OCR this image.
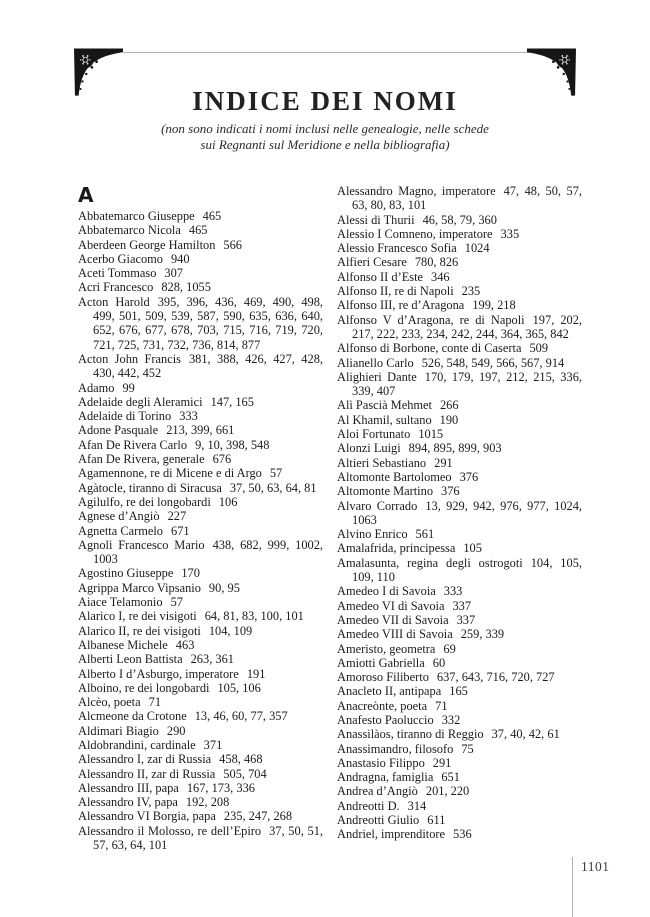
INDICE DEI NOMI
(non sono indicati i nomi inclusi nelle genealogie, nelle schede
sui Regnanti sul Meridione e nella bibliografia)
A
Abbatemarco Giuseppe 465
Abbatemarco Nicola 465
Aberdeen George Hamilton 566
Acerbo Giacomo 940
Aceti Tommaso 307
Acri Francesco 828, 1055
Acton Harold 395, 396, 436, 469, 490, 498, 499, 501, 509, 539, 587, 590, 635, 636, 640, 652, 676, 677, 678, 703, 715, 716, 719, 720, 721, 725, 731, 732, 736, 814, 877
Acton John Francis 381, 388, 426, 427, 428, 430, 442, 452
Adamo 99
Adelaide degli Aleramici 147, 165
Adelaide di Torino 333
Adone Pasquale 213, 399, 661
Afan De Rivera Carlo 9, 10, 398, 548
Afan De Rivera, generale 676
Agamennone, re di Micene e di Argo 57
Agàtocle, tiranno di Siracusa 37, 50, 63, 64, 81
Agilulfo, re dei longobardi 106
Agnese d’Angiò 227
Agnetta Carmelo 671
Agnoli Francesco Mario 438, 682, 999, 1002, 1003
Agostino Giuseppe 170
Agrippa Marco Vipsanio 90, 95
Aiace Telamonio 57
Alarico I, re dei visigoti 64, 81, 83, 100, 101
Alarico II, re dei visigoti 104, 109
Albanese Michele 463
Alberti Leon Battista 263, 361
Alberto I d’Asburgo, imperatore 191
Alboino, re dei longobardi 105, 106
Alcèo, poeta 71
Alcmeone da Crotone 13, 46, 60, 77, 357
Aldimari Biagio 290
Aldobrandini, cardinale 371
Alessandro I, zar di Russia 458, 468
Alessandro II, zar di Russia 505, 704
Alessandro III, papa 167, 173, 336
Alessandro IV, papa 192, 208
Alessandro VI Borgia, papa 235, 247, 268
Alessandro il Molosso, re dell’Epiro 37, 50, 51, 57, 63, 64, 101
Alessandro Magno, imperatore 47, 48, 50, 57, 63, 80, 83, 101
Alessi di Thurii 46, 58, 79, 360
Alessio I Comneno, imperatore 335
Alessio Francesco Sofia 1024
Alfieri Cesare 780, 826
Alfonso II d’Este 346
Alfonso II, re di Napoli 235
Alfonso III, re d’Aragona 199, 218
Alfonso V d’Aragona, re di Napoli 197, 202, 217, 222, 233, 234, 242, 244, 364, 365, 842
Alfonso di Borbone, conte di Caserta 509
Alianello Carlo 526, 548, 549, 566, 567, 914
Alighieri Dante 170, 179, 197, 212, 215, 336, 339, 407
Alì Pascià Mehmet 266
Al Khamil, sultano 190
Aloi Fortunato 1015
Alonzi Luigi 894, 895, 899, 903
Altieri Sebastiano 291
Altomonte Bartolomeo 376
Altomonte Martino 376
Alvaro Corrado 13, 929, 942, 976, 977, 1024, 1063
Alvino Enrico 561
Amalafrida, principessa 105
Amalasunta, regina degli ostrogoti 104, 105, 109, 110
Amedeo I di Savoia 333
Amedeo VI di Savoia 337
Amedeo VII di Savoia 337
Amedeo VIII di Savoia 259, 339
Ameristo, geometra 69
Amiotti Gabriella 60
Amoroso Filiberto 637, 643, 716, 720, 727
Anacleto II, antipapa 165
Anacreònte, poeta 71
Anafesto Paoluccio 332
Anassilàos, tiranno di Reggio 37, 40, 42, 61
Anassimandro, filosofo 75
Anastasio Filippo 291
Andragna, famiglia 651
Andrea d’Angiò 201, 220
Andreotti D. 314
Andreotti Giulio 611
Andriel, imprenditore 536
1101
